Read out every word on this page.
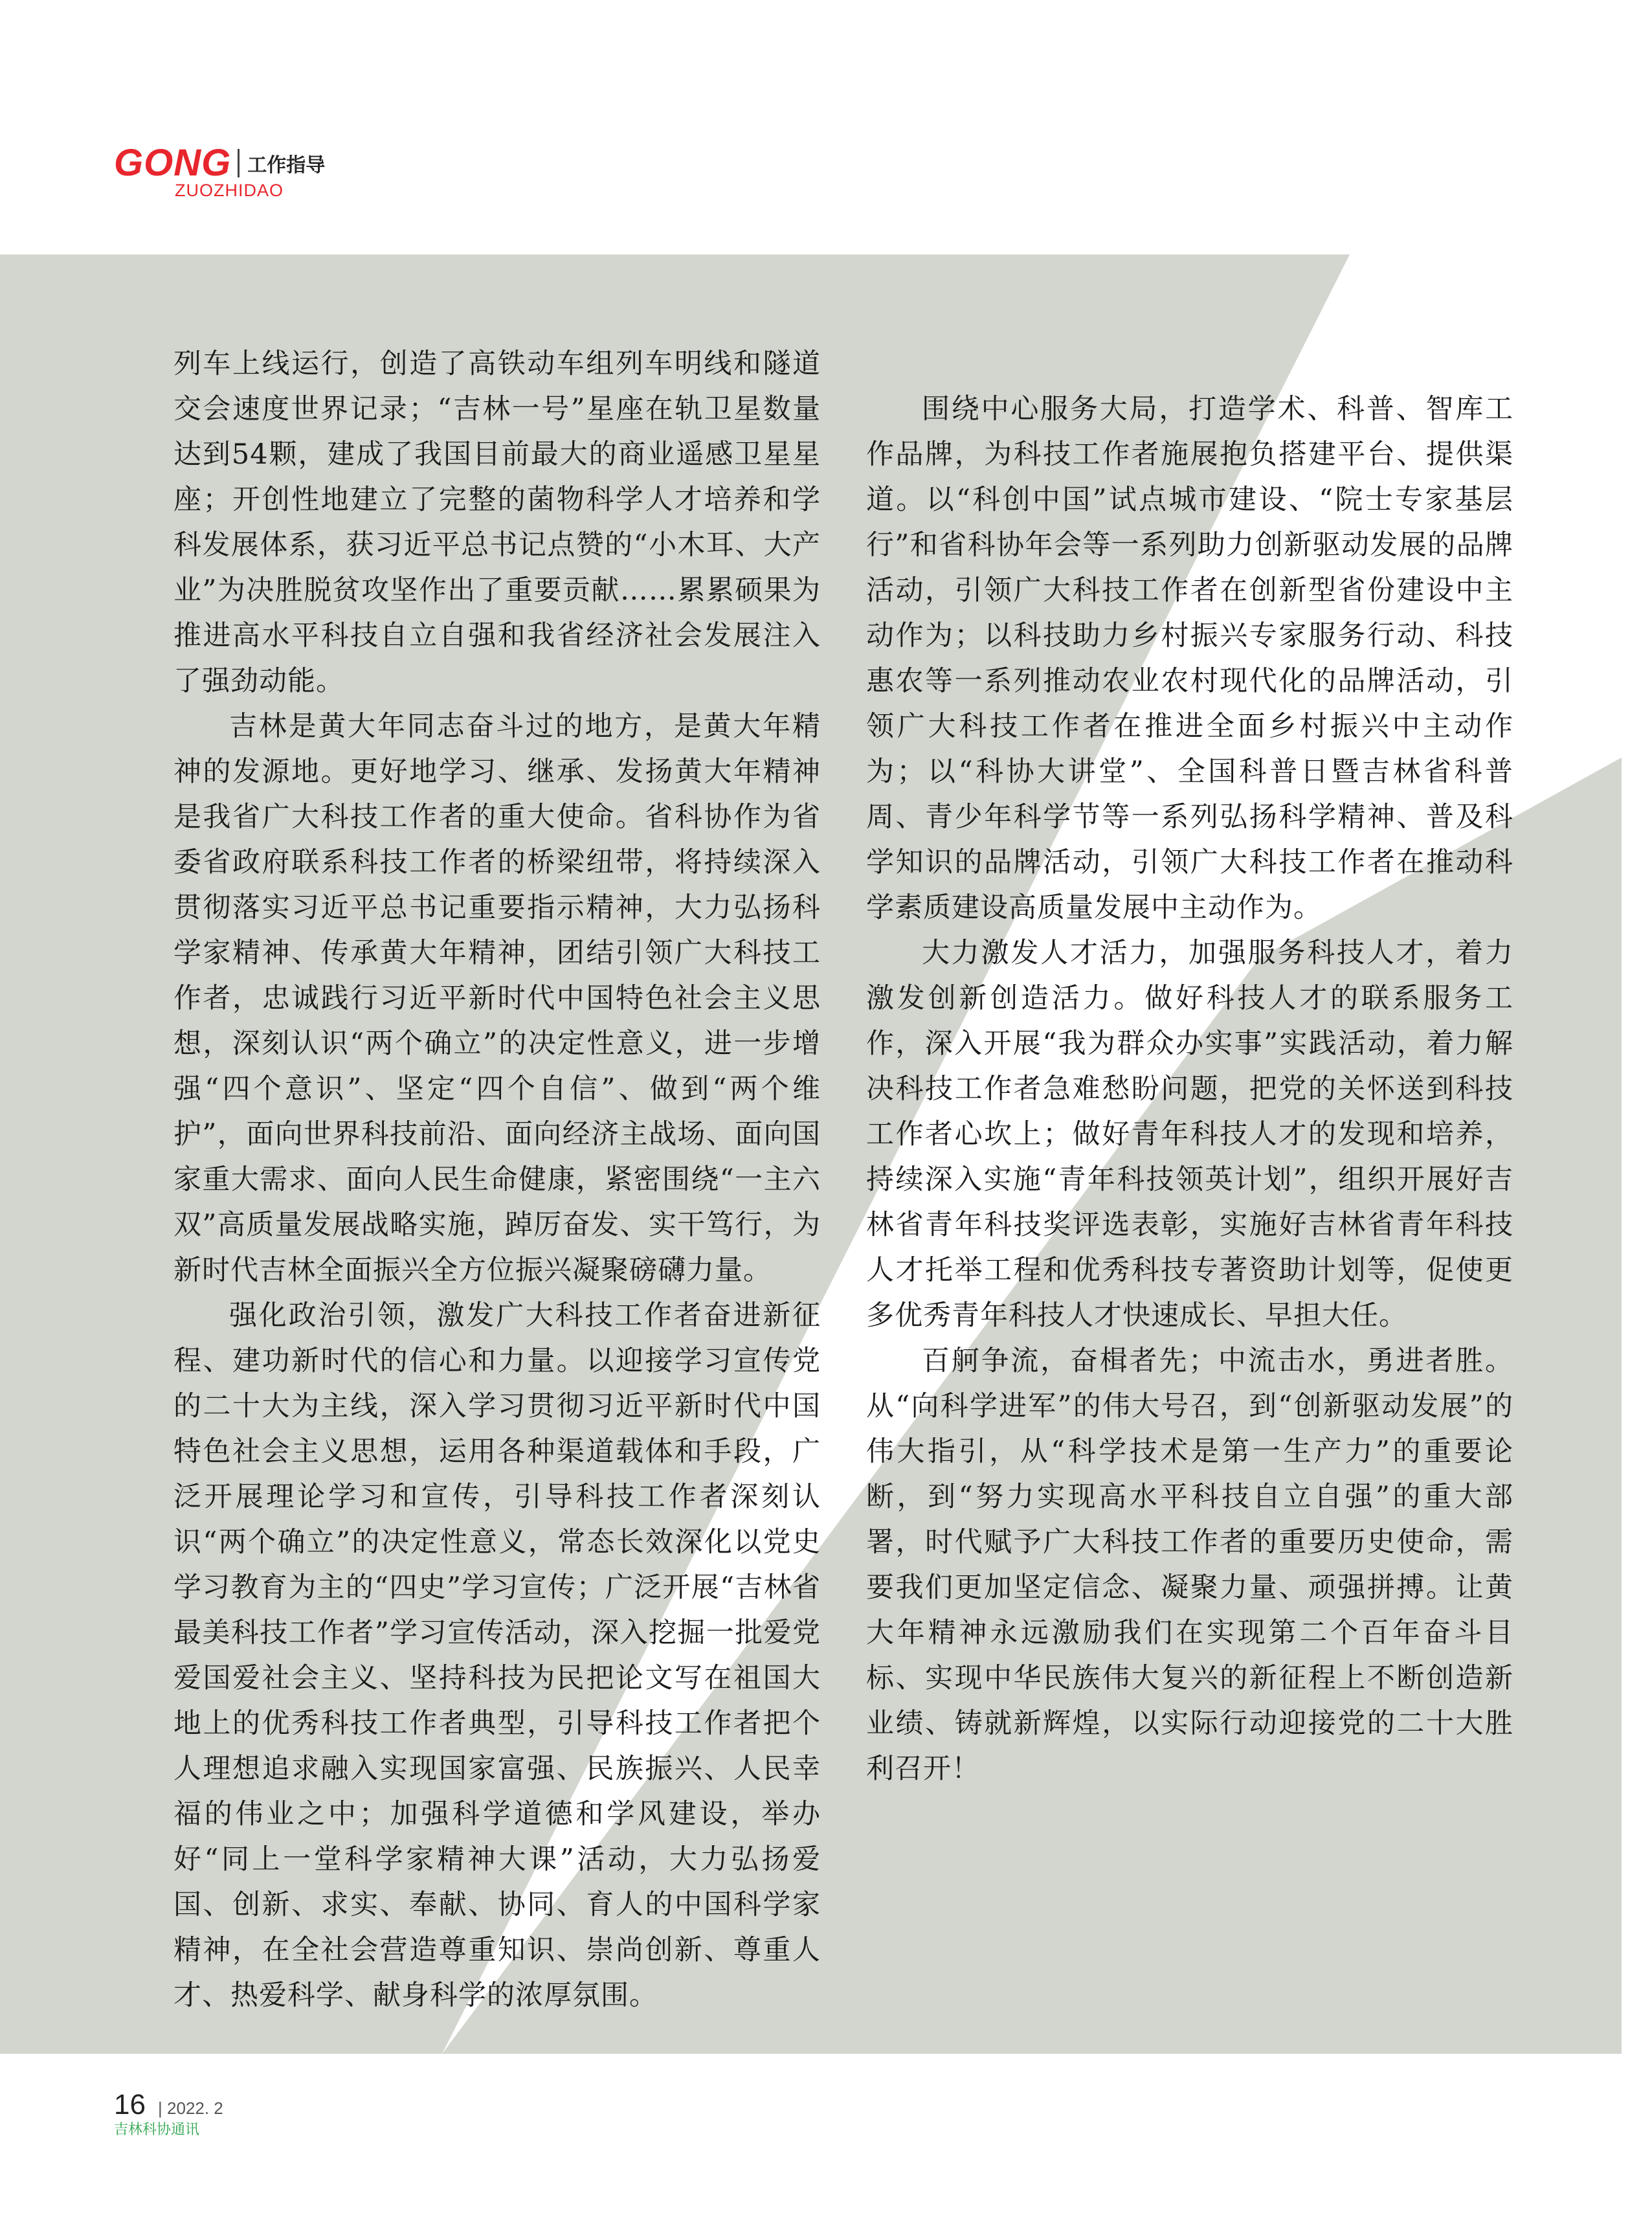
GONG 工作指导
ZUOZHIDAO

列车上线运行，创造了高铁动车组列车明线和隧道交会速度世界记录；“吉林一号”星座在轨卫星数量达到54颗，建成了我国目前最大的商业遥感卫星星座；开创性地建立了完整的菌物科学人才培养和学科发展体系，获习近平总书记点赞的“小木耳、大产业”为决胜脱贫攻坚作出了重要贡献……累累硕果为推进高水平科技自立自强和我省经济社会发展注入了强劲动能。

吉林是黄大年同志奋斗过的地方，是黄大年精神的发源地。更好地学习、继承、发扬黄大年精神是我省广大科技工作者的重大使命。省科协作为省委省政府联系科技工作者的桥梁纽带，将持续深入贯彻落实习近平总书记重要指示精神，大力弘扬科学家精神、传承黄大年精神，团结引领广大科技工作者，忠诚践行习近平新时代中国特色社会主义思想，深刻认识“两个确立”的决定性意义，进一步增强“四个意识”、坚定“四个自信”、做到“两个维护”，面向世界科技前沿、面向经济主战场、面向国家重大需求、面向人民生命健康，紧密围绕“一主六双”高质量发展战略实施，踔厉奋发、实干笃行，为新时代吉林全面振兴全方位振兴凝聚磅礴力量。

强化政治引领，激发广大科技工作者奋进新征程、建功新时代的信心和力量。以迎接学习宣传党的二十大为主线，深入学习贯彻习近平新时代中国特色社会主义思想，运用各种渠道载体和手段，广泛开展理论学习和宣传，引导科技工作者深刻认识“两个确立”的决定性意义，常态长效深化以党史学习教育为主的“四史”学习宣传；广泛开展“吉林省最美科技工作者”学习宣传活动，深入挖掘一批爱党爱国爱社会主义、坚持科技为民把论文写在祖国大地上的优秀科技工作者典型，引导科技工作者把个人理想追求融入实现国家富强、民族振兴、人民幸福的伟业之中；加强科学道德和学风建设，举办好“同上一堂科学家精神大课”活动，大力弘扬爱国、创新、求实、奉献、协同、育人的中国科学家精神，在全社会营造尊重知识、崇尚创新、尊重人才、热爱科学、献身科学的浓厚氛围。

围绕中心服务大局，打造学术、科普、智库工作品牌，为科技工作者施展抱负搭建平台、提供渠道。以“科创中国”试点城市建设、“院士专家基层行”和省科协年会等一系列助力创新驱动发展的品牌活动，引领广大科技工作者在创新型省份建设中主动作为；以科技助力乡村振兴专家服务行动、科技惠农等一系列推动农业农村现代化的品牌活动，引领广大科技工作者在推进全面乡村振兴中主动作为；以“科协大讲堂”、全国科普日暨吉林省科普周、青少年科学节等一系列弘扬科学精神、普及科学知识的品牌活动，引领广大科技工作者在推动科学素质建设高质量发展中主动作为。

大力激发人才活力，加强服务科技人才，着力激发创新创造活力。做好科技人才的联系服务工作，深入开展“我为群众办实事”实践活动，着力解决科技工作者急难愁盼问题，把党的关怀送到科技工作者心坎上；做好青年科技人才的发现和培养，持续深入实施“青年科技领英计划”，组织开展好吉林省青年科技奖评选表彰，实施好吉林省青年科技人才托举工程和优秀科技专著资助计划等，促使更多优秀青年科技人才快速成长、早担大任。

百舸争流，奋楫者先；中流击水，勇进者胜。从“向科学进军”的伟大号召，到“创新驱动发展”的伟大指引，从“科学技术是第一生产力”的重要论断，到“努力实现高水平科技自立自强”的重大部署，时代赋予广大科技工作者的重要历史使命，需要我们更加坚定信念、凝聚力量、顽强拼搏。让黄大年精神永远激励我们在实现第二个百年奋斗目标、实现中华民族伟大复兴的新征程上不断创造新业绩、铸就新辉煌，以实际行动迎接党的二十大胜利召开！

16 | 2022. 2
吉林科协通讯
